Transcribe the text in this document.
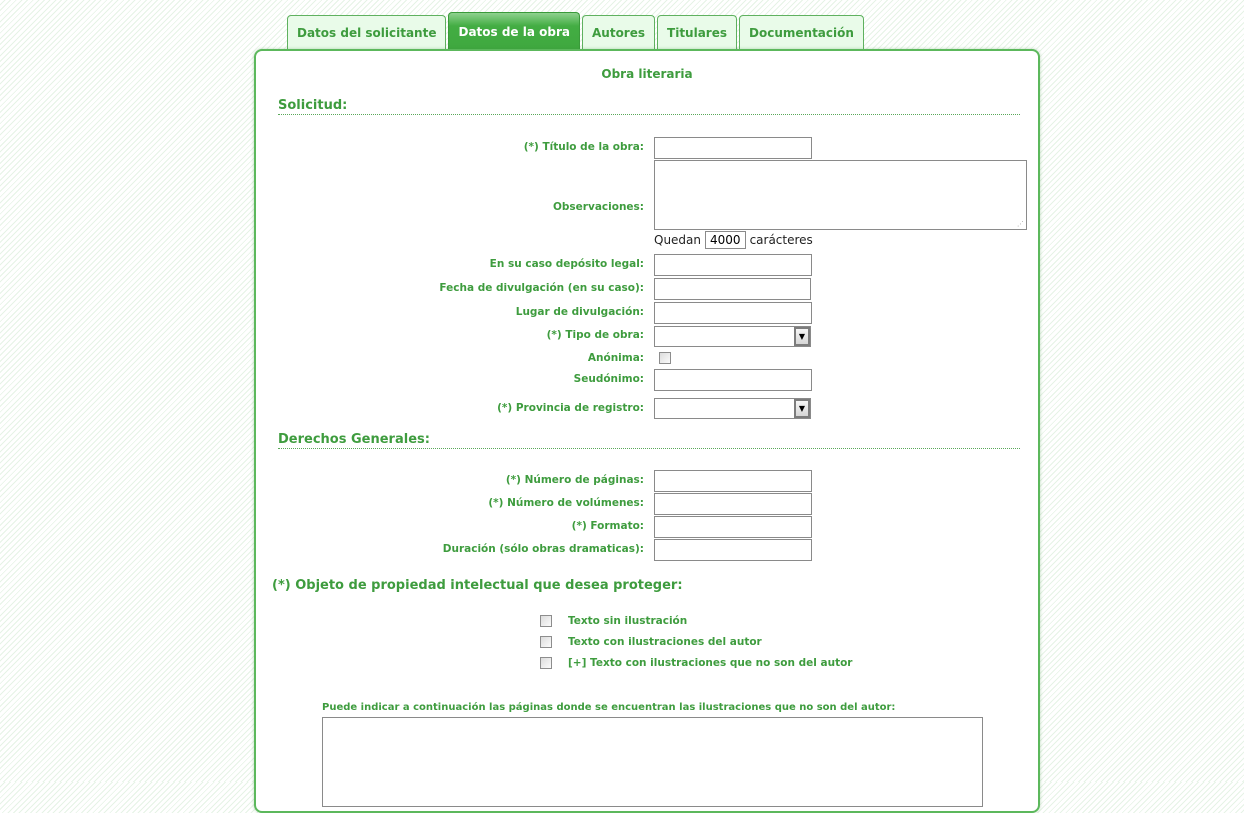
Datos del solicitante	Datos de la obra	Autores	Titulares	Documentación
Obra literaria
Solicitud:
(*) Título de la obra:
Observaciones:
⋰
Quedan 4000 carácteres
En su caso depósito legal:
Fecha de divulgación (en su caso):
Lugar de divulgación:
(*) Tipo de obra:	▼
Anónima:
Seudónimo:
(*) Provincia de registro:	▼
Derechos Generales:
(*) Número de páginas:
(*) Número de volúmenes:
(*) Formato:
Duración (sólo obras dramaticas):
(*) Objeto de propiedad intelectual que desea proteger:
Texto sin ilustración
Texto con ilustraciones del autor
[+] Texto con ilustraciones que no son del autor
Puede indicar a continuación las páginas donde se encuentran las ilustraciones que no son del autor:
